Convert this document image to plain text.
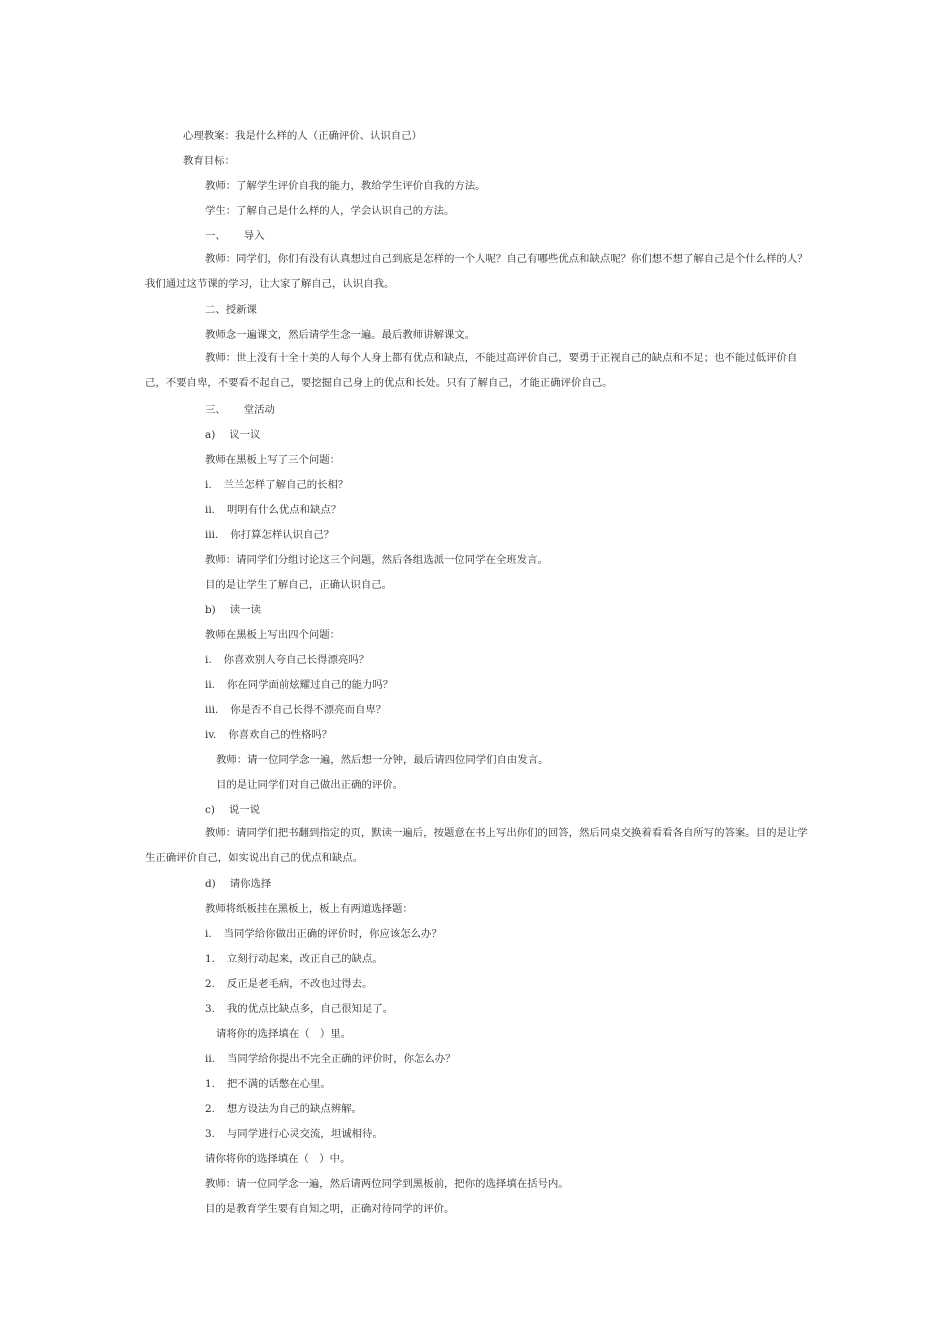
心理教案：我是什么样的人（正确评价、认识自己）
教育目标：
教师：了解学生评价自我的能力，教给学生评价自我的方法。
学生：了解自己是什么样的人，学会认识自己的方法。
一、 导入
教师：同学们，你们有没有认真想过自己到底是怎样的一个人呢？自己有哪些优点和缺点呢？你们想不想了解自己是个什么样的人？我们通过这节课的学习，让大家了解自己，认识自我。
二、授新课
教师念一遍课文，然后请学生念一遍。最后教师讲解课文。
教师：世上没有十全十美的人每个人身上都有优点和缺点，不能过高评价自己，要勇于正视自己的缺点和不足；也不能过低评价自己，不要自卑，不要看不起自己，要挖掘自己身上的优点和长处。只有了解自己，才能正确评价自己。
三、 堂活动
a) 议一议
教师在黑板上写了三个问题：
i. 兰兰怎样了解自己的长相？
ii. 明明有什么优点和缺点？
iii. 你打算怎样认识自己？
教师：请同学们分组讨论这三个问题，然后各组选派一位同学在全班发言。
目的是让学生了解自己，正确认识自己。
b) 读一读
教师在黑板上写出四个问题：
i. 你喜欢别人夸自己长得漂亮吗？
ii. 你在同学面前炫耀过自己的能力吗？
iii. 你是否不自己长得不漂亮而自卑？
iv. 你喜欢自己的性格吗？
教师：请一位同学念一遍，然后想一分钟，最后请四位同学们自由发言。
目的是让同学们对自己做出正确的评价。
c) 说一说
教师：请同学们把书翻到指定的页，默读一遍后，按题意在书上写出你们的回答，然后同桌交换着看看各自所写的答案。目的是让学生正确评价自己，如实说出自己的优点和缺点。
d) 请你选择
教师将纸板挂在黑板上，板上有两道选择题：
i. 当同学给你做出正确的评价时，你应该怎么办？
1. 立刻行动起来，改正自己的缺点。
2. 反正是老毛病，不改也过得去。
3. 我的优点比缺点多，自己很知足了。
请将你的选择填在（　）里。
ii. 当同学给你提出不完全正确的评价时，你怎么办？
1. 把不满的话憋在心里。
2. 想方设法为自己的缺点辨解。
3. 与同学进行心灵交流，坦诚相待。
请你将你的选择填在（　）中。
教师：请一位同学念一遍，然后请两位同学到黑板前，把你的选择填在括号内。
目的是教育学生要有自知之明，正确对待同学的评价。
